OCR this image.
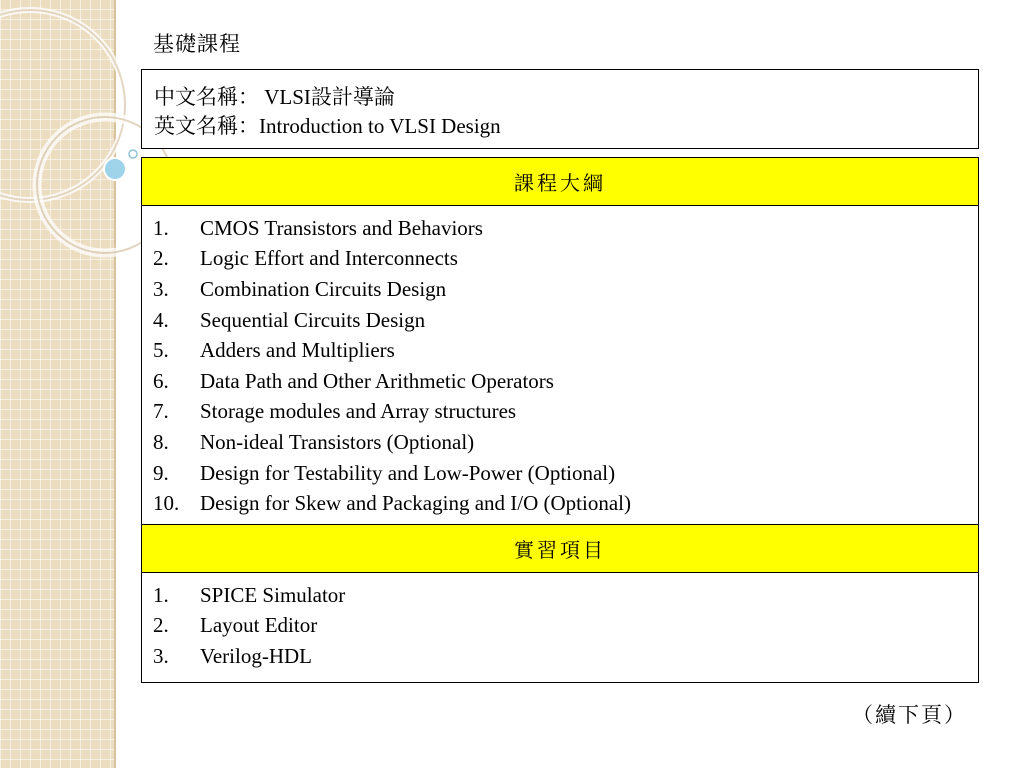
基礎課程
中文名稱： VLSI設計導論
英文名稱：Introduction to VLSI Design
課程大綱
1.	CMOS Transistors and Behaviors
2.	Logic Effort and Interconnects
3.	Combination Circuits Design
4.	Sequential Circuits Design
5.	Adders and Multipliers
6.	Data Path and Other Arithmetic Operators
7.	Storage modules and Array structures
8.	Non-ideal Transistors (Optional)
9.	Design for Testability and Low-Power (Optional)
10. Design for Skew and Packaging and I/O (Optional)
實習項目
1.	SPICE Simulator
2.	Layout Editor
3.	Verilog-HDL
（續下頁）
